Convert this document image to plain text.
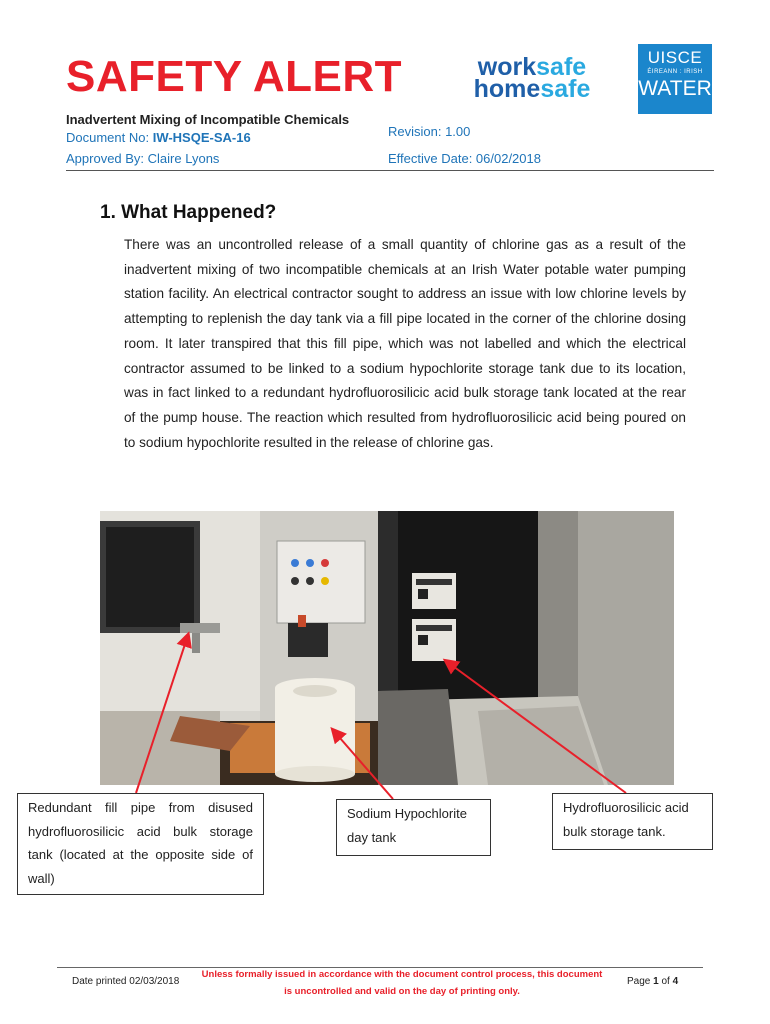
SAFETY ALERT	worksafe
homesafe
UISCE
ÉIREANN : IRISH
WATER
Inadvertent Mixing of Incompatible Chemicals
Document No: IW-HSQE-SA-16
Approved By: Claire Lyons
Revision: 1.00
Effective Date: 06/02/2018
1. What Happened?

There was an uncontrolled release of a small quantity of chlorine gas as a result of the inadvertent mixing of two incompatible chemicals at an Irish Water potable water pumping station facility. An electrical contractor sought to address an issue with low chlorine levels by attempting to replenish the day tank via a fill pipe located in the corner of the chlorine dosing room. It later transpired that this fill pipe, which was not labelled and which the electrical contractor assumed to be linked to a sodium hypochlorite storage tank due to its location, was in fact linked to a redundant hydrofluorosilicic acid bulk storage tank located at the rear of the pump house. The reaction which resulted from hydrofluorosilicic acid being poured on to sodium hypochlorite resulted in the release of chlorine gas.

Redundant fill pipe from disused hydrofluorosilicic acid bulk storage tank (located at the opposite side of wall)
Sodium Hypochlorite day tank
Hydrofluorosilicic acid bulk storage tank.
Date printed 02/03/2018
Unless formally issued in accordance with the document control process, this document is uncontrolled and valid on the day of printing only.
Page 1 of 4
